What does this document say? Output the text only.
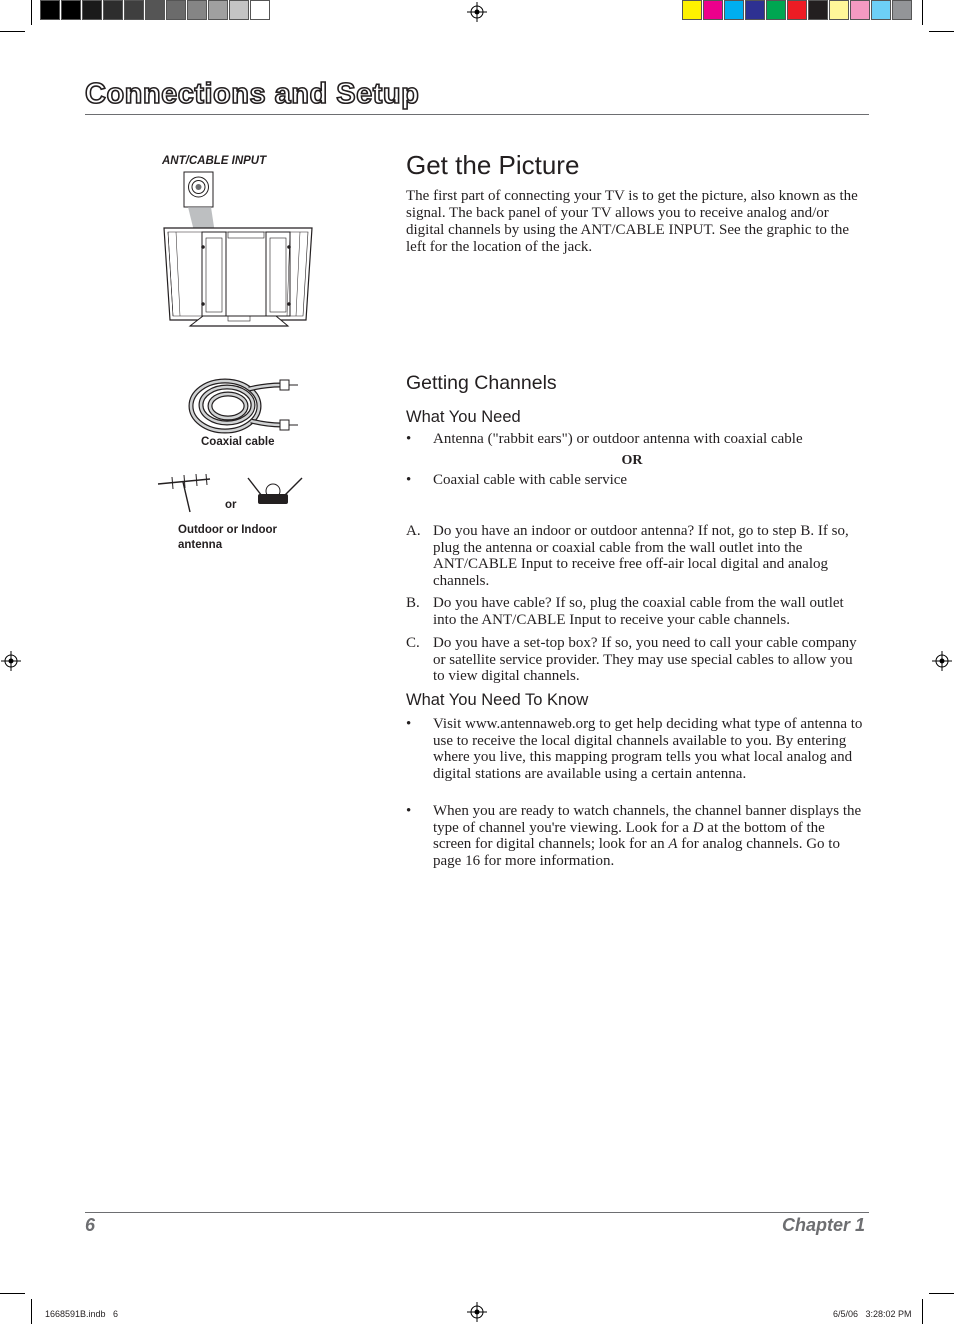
Connections and Setup
ANT/CABLE INPUT
Coaxial cable
or
Outdoor or Indoor
antenna
Get the Picture

The first part of connecting your TV is to get the picture, also known as the signal. The back panel of your TV allows you to receive analog and/or digital channels by using the ANT/CABLE INPUT. See the graphic to the left for the location of the jack.

Getting Channels
What You Need
• Antenna ("rabbit ears") or outdoor antenna with coaxial cable
OR
• Coaxial cable with cable service
A. Do you have an indoor or outdoor antenna? If not, go to step B. If so, plug the antenna or coaxial cable from the wall outlet into the ANT/CABLE Input to receive free off-air local digital and analog channels.
B. Do you have cable? If so, plug the coaxial cable from the wall outlet into the ANT/CABLE Input to receive your cable channels.
C. Do you have a set-top box? If so, you need to call your cable company or satellite service provider. They may use special cables to allow you to view digital channels.
What You Need To Know
• Visit www.antennaweb.org to get help deciding what type of antenna to use to receive the local digital channels available to you. By entering where you live, this mapping program tells you what local analog and digital stations are available using a certain antenna.
• When you are ready to watch channels, the channel banner displays the type of channel you're viewing. Look for a D at the bottom of the screen for digital channels; look for an A for analog channels. Go to page 16 for more information.
6	Chapter 1
1668591B.indb   6	6/5/06   3:28:02 PM
